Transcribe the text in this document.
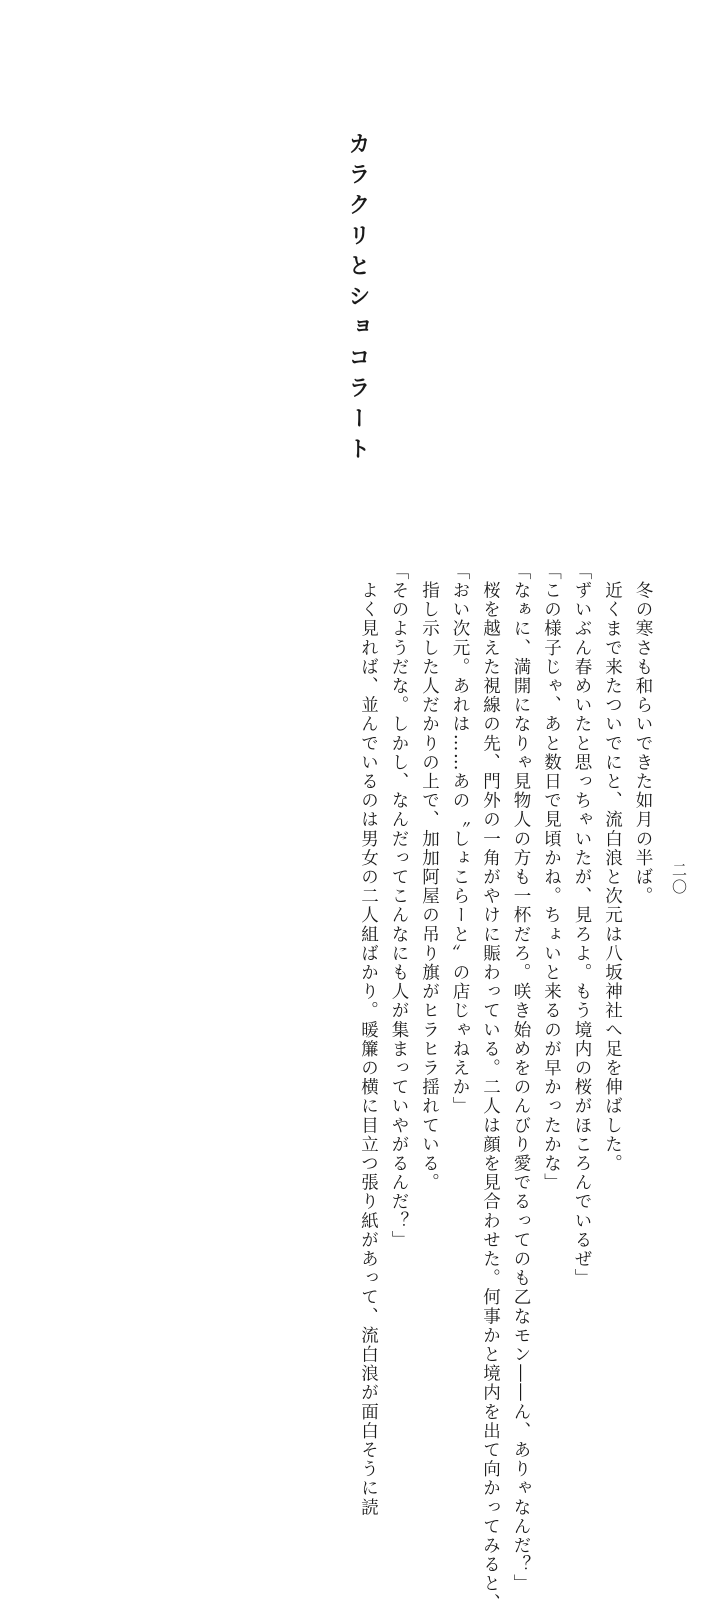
カラクリとショコラート
　冬の寒さも和らいできた如月の半ば。
　近くまで来たついでにと、流白浪と次元は八坂神社へ足を伸ばした。
「ずいぶん春めいたと思っちゃいたが、見ろよ。もう境内の桜がほころんでいるぜ」
「この様子じゃ、あと数日で見頃かね。ちょいと来るのが早かったかな」
「なぁに、満開になりゃ見物人の方も一杯だろ。咲き始めをのんびり愛でるってのも乙なモン――ん、ありゃなんだ？」
　桜を越えた視線の先、門外の一角がやけに賑わっている。二人は顔を見合わせた。何事かと境内を出て向かってみると、
「おい次元。あれは……あの〝しょこらーと〟の店じゃねえか」
　指し示した人だかりの上で、加加阿屋の吊り旗がヒラヒラ揺れている。
「そのようだな。しかし、なんだってこんなにも人が集まっていやがるんだ？」
　よく見れば、並んでいるのは男女の二人組ばかり。暖簾の横に目立つ張り紙があって、流白浪が面白そうに読	二〇
